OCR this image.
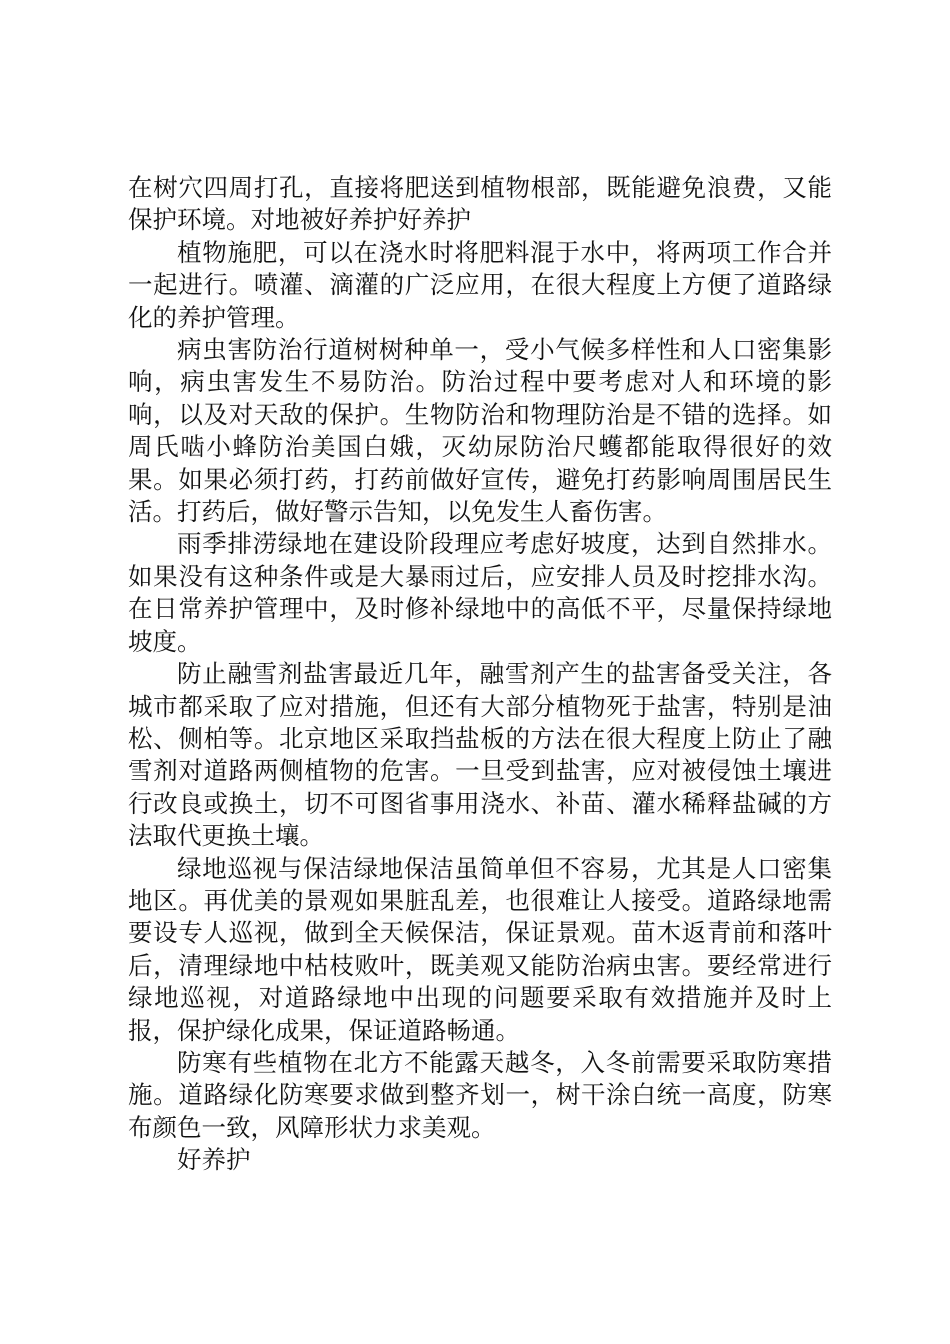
在树穴四周打孔，直接将肥送到植物根部，既能避免浪费，又能保护环境。对地被好养护好养护

植物施肥，可以在浇水时将肥料混于水中，将两项工作合并一起进行。喷灌、滴灌的广泛应用，在很大程度上方便了道路绿化的养护管理。

病虫害防治行道树树种单一，受小气候多样性和人口密集影响，病虫害发生不易防治。防治过程中要考虑对人和环境的影响，以及对天敌的保护。生物防治和物理防治是不错的选择。如周氏啮小蜂防治美国白娥，灭幼尿防治尺蠖都能取得很好的效果。如果必须打药，打药前做好宣传，避免打药影响周围居民生活。打药后，做好警示告知，以免发生人畜伤害。

雨季排涝绿地在建设阶段理应考虑好坡度，达到自然排水。如果没有这种条件或是大暴雨过后，应安排人员及时挖排水沟。在日常养护管理中，及时修补绿地中的高低不平，尽量保持绿地坡度。

防止融雪剂盐害最近几年，融雪剂产生的盐害备受关注，各城市都采取了应对措施，但还有大部分植物死于盐害，特别是油松、侧柏等。北京地区采取挡盐板的方法在很大程度上防止了融雪剂对道路两侧植物的危害。一旦受到盐害，应对被侵蚀土壤进行改良或换土，切不可图省事用浇水、补苗、灌水稀释盐碱的方法取代更换土壤。

绿地巡视与保洁绿地保洁虽简单但不容易，尤其是人口密集地区。再优美的景观如果脏乱差，也很难让人接受。道路绿地需要设专人巡视，做到全天候保洁，保证景观。苗木返青前和落叶后，清理绿地中枯枝败叶，既美观又能防治病虫害。要经常进行绿地巡视，对道路绿地中出现的问题要采取有效措施并及时上报，保护绿化成果，保证道路畅通。

防寒有些植物在北方不能露天越冬，入冬前需要采取防寒措施。道路绿化防寒要求做到整齐划一，树干涂白统一高度，防寒布颜色一致，风障形状力求美观。

好养护
